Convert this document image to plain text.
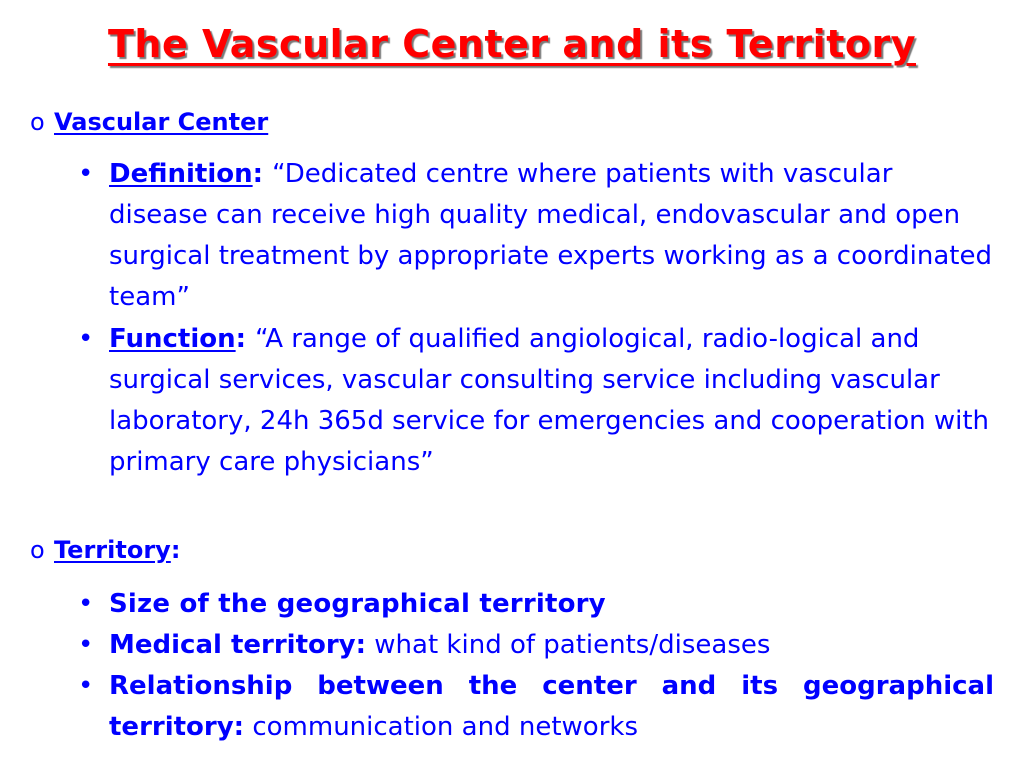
The Vascular Center and its Territory
o Vascular Center
• Definition: “Dedicated centre where patients with vascular disease can receive high quality medical, endovascular and open surgical treatment by appropriate experts working as a coordinated team”
• Function: “A range of qualified angiological, radio-logical and surgical services, vascular consulting service including vascular laboratory, 24h 365d service for emergencies and cooperation with primary care physicians”
o Territory:
• Size of the geographical territory
• Medical territory: what kind of patients/diseases
• Relationship between the center and its geographical territory: communication and networks
